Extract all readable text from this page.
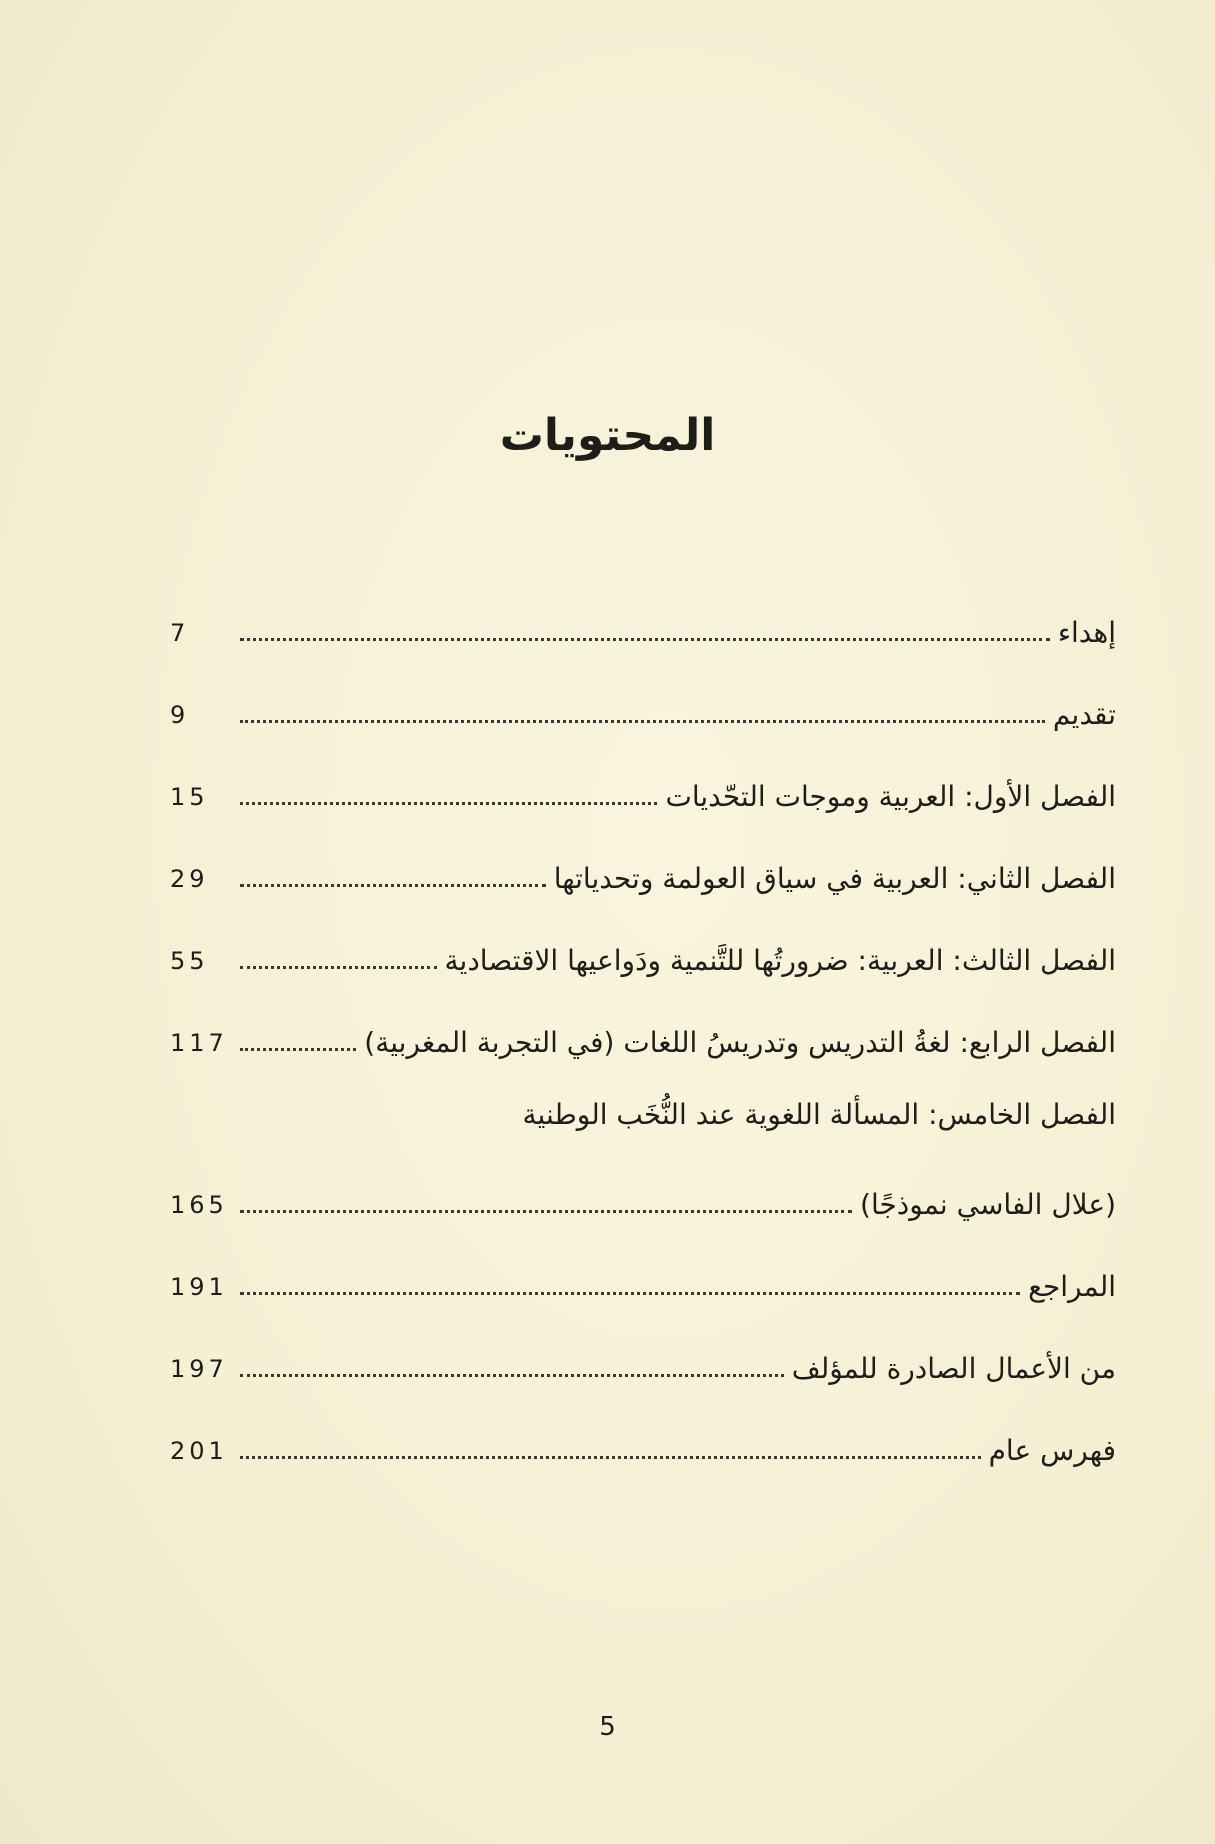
المحتويات
إهداء
7
تقديم
9
الفصل الأول: العربية وموجات التحّديات
15
الفصل الثاني: العربية في سياق العولمة وتحدياتها
29
الفصل الثالث: العربية: ضرورتُها للتَّنمية ودَواعيها الاقتصادية
55
الفصل الرابع: لغةُ التدريس وتدريسُ اللغات (في التجربة المغربية)
117
الفصل الخامس: المسألة اللغوية عند النُّخَب الوطنية
(علال الفاسي نموذجًا)
165
المراجع
191
من الأعمال الصادرة للمؤلف
197
فهرس عام
201
5
